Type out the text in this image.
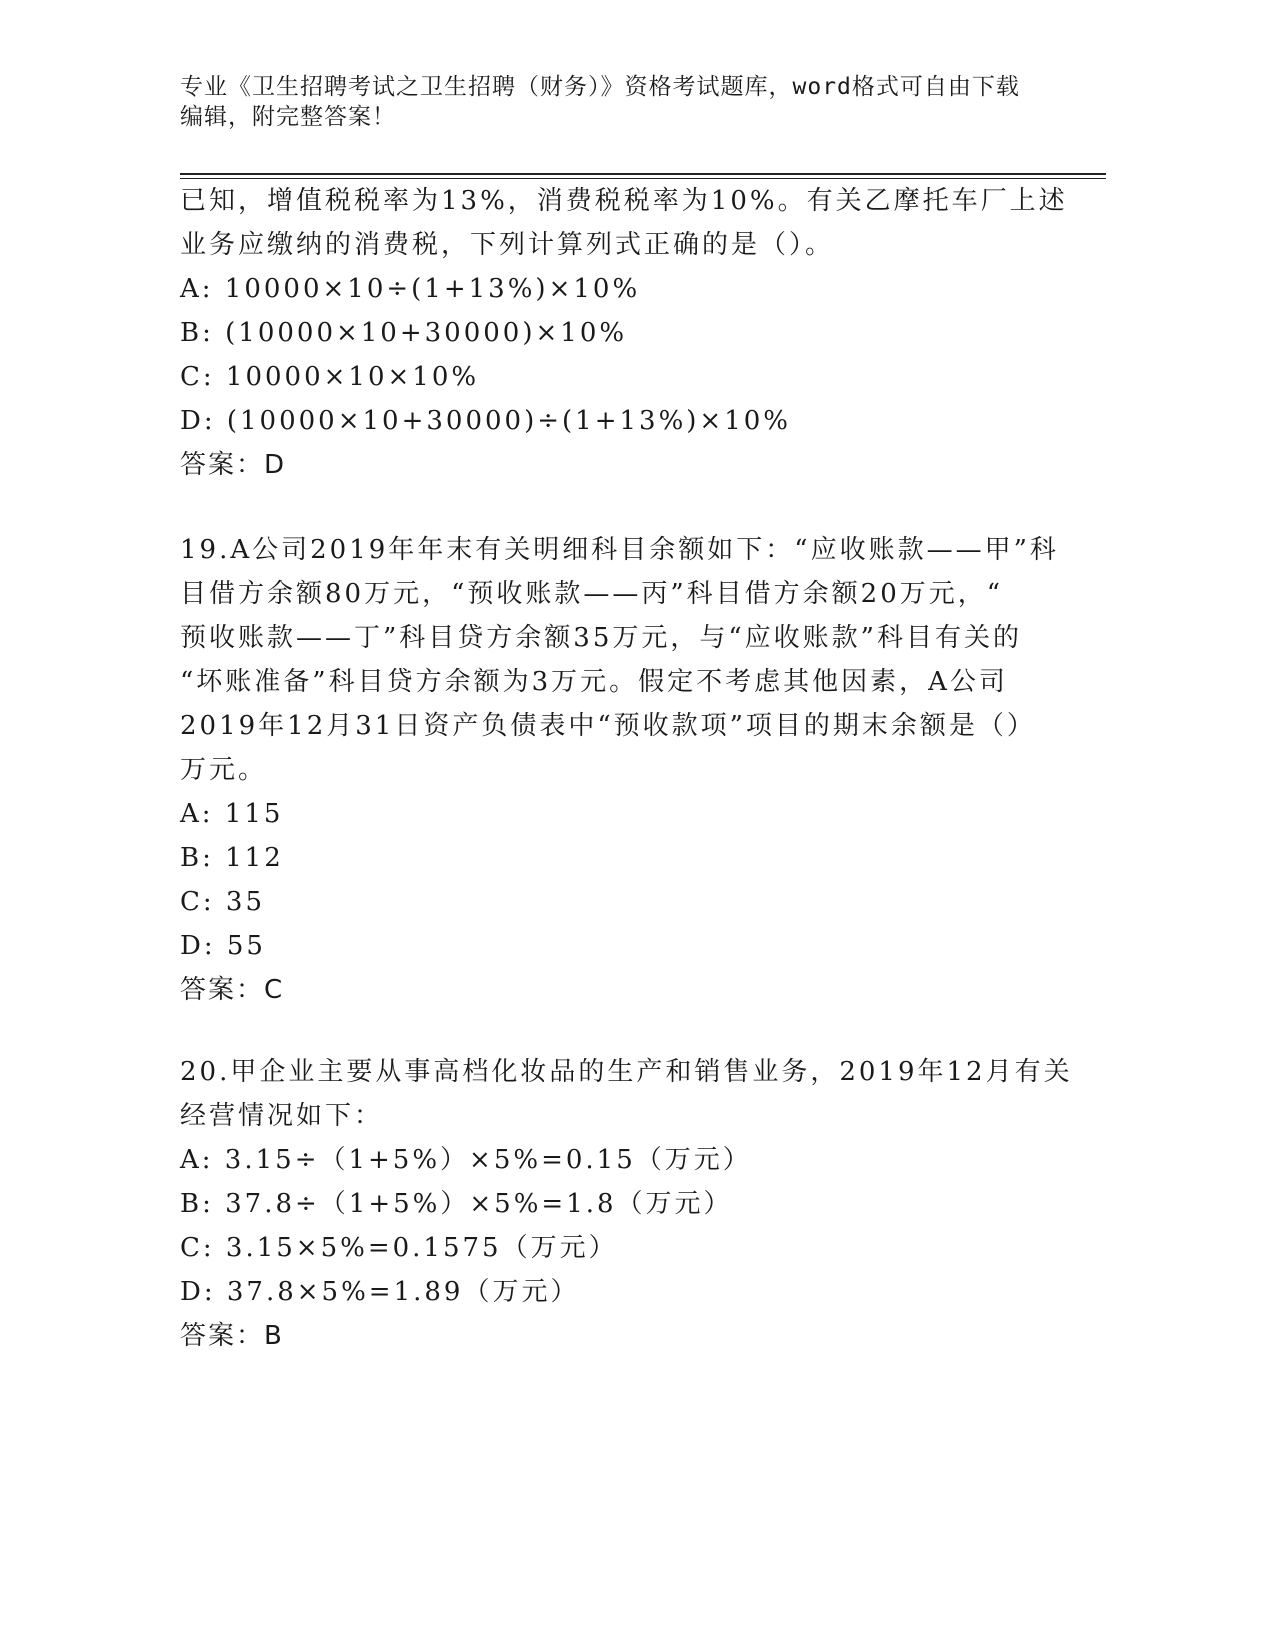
专业《卫生招聘考试之卫生招聘（财务）》资格考试题库，word格式可自由下载
编辑，附完整答案！
已知，增值税税率为13%，消费税税率为10%。有关乙摩托车厂上述
业务应缴纳的消费税，下列计算列式正确的是（）。
A: 10000×10÷(1+13%)×10%
B: (10000×10+30000)×10%
C: 10000×10×10%
D: (10000×10+30000)÷(1+13%)×10%
答案：D
19.A公司2019年年末有关明细科目余额如下：“应收账款——甲”科
目借方余额80万元，“预收账款——丙”科目借方余额20万元，“
预收账款——丁”科目贷方余额35万元，与“应收账款”科目有关的
“坏账准备”科目贷方余额为3万元。假定不考虑其他因素，A公司
2019年12月31日资产负债表中“预收款项”项目的期末余额是（）
万元。
A: 115
B: 112
C: 35
D: 55
答案：C
20.甲企业主要从事高档化妆品的生产和销售业务，2019年12月有关
经营情况如下：
A: 3.15÷（1+5%）×5%=0.15（万元）
B: 37.8÷（1+5%）×5%=1.8（万元）
C: 3.15×5%=0.1575（万元）
D: 37.8×5%=1.89（万元）
答案：B
